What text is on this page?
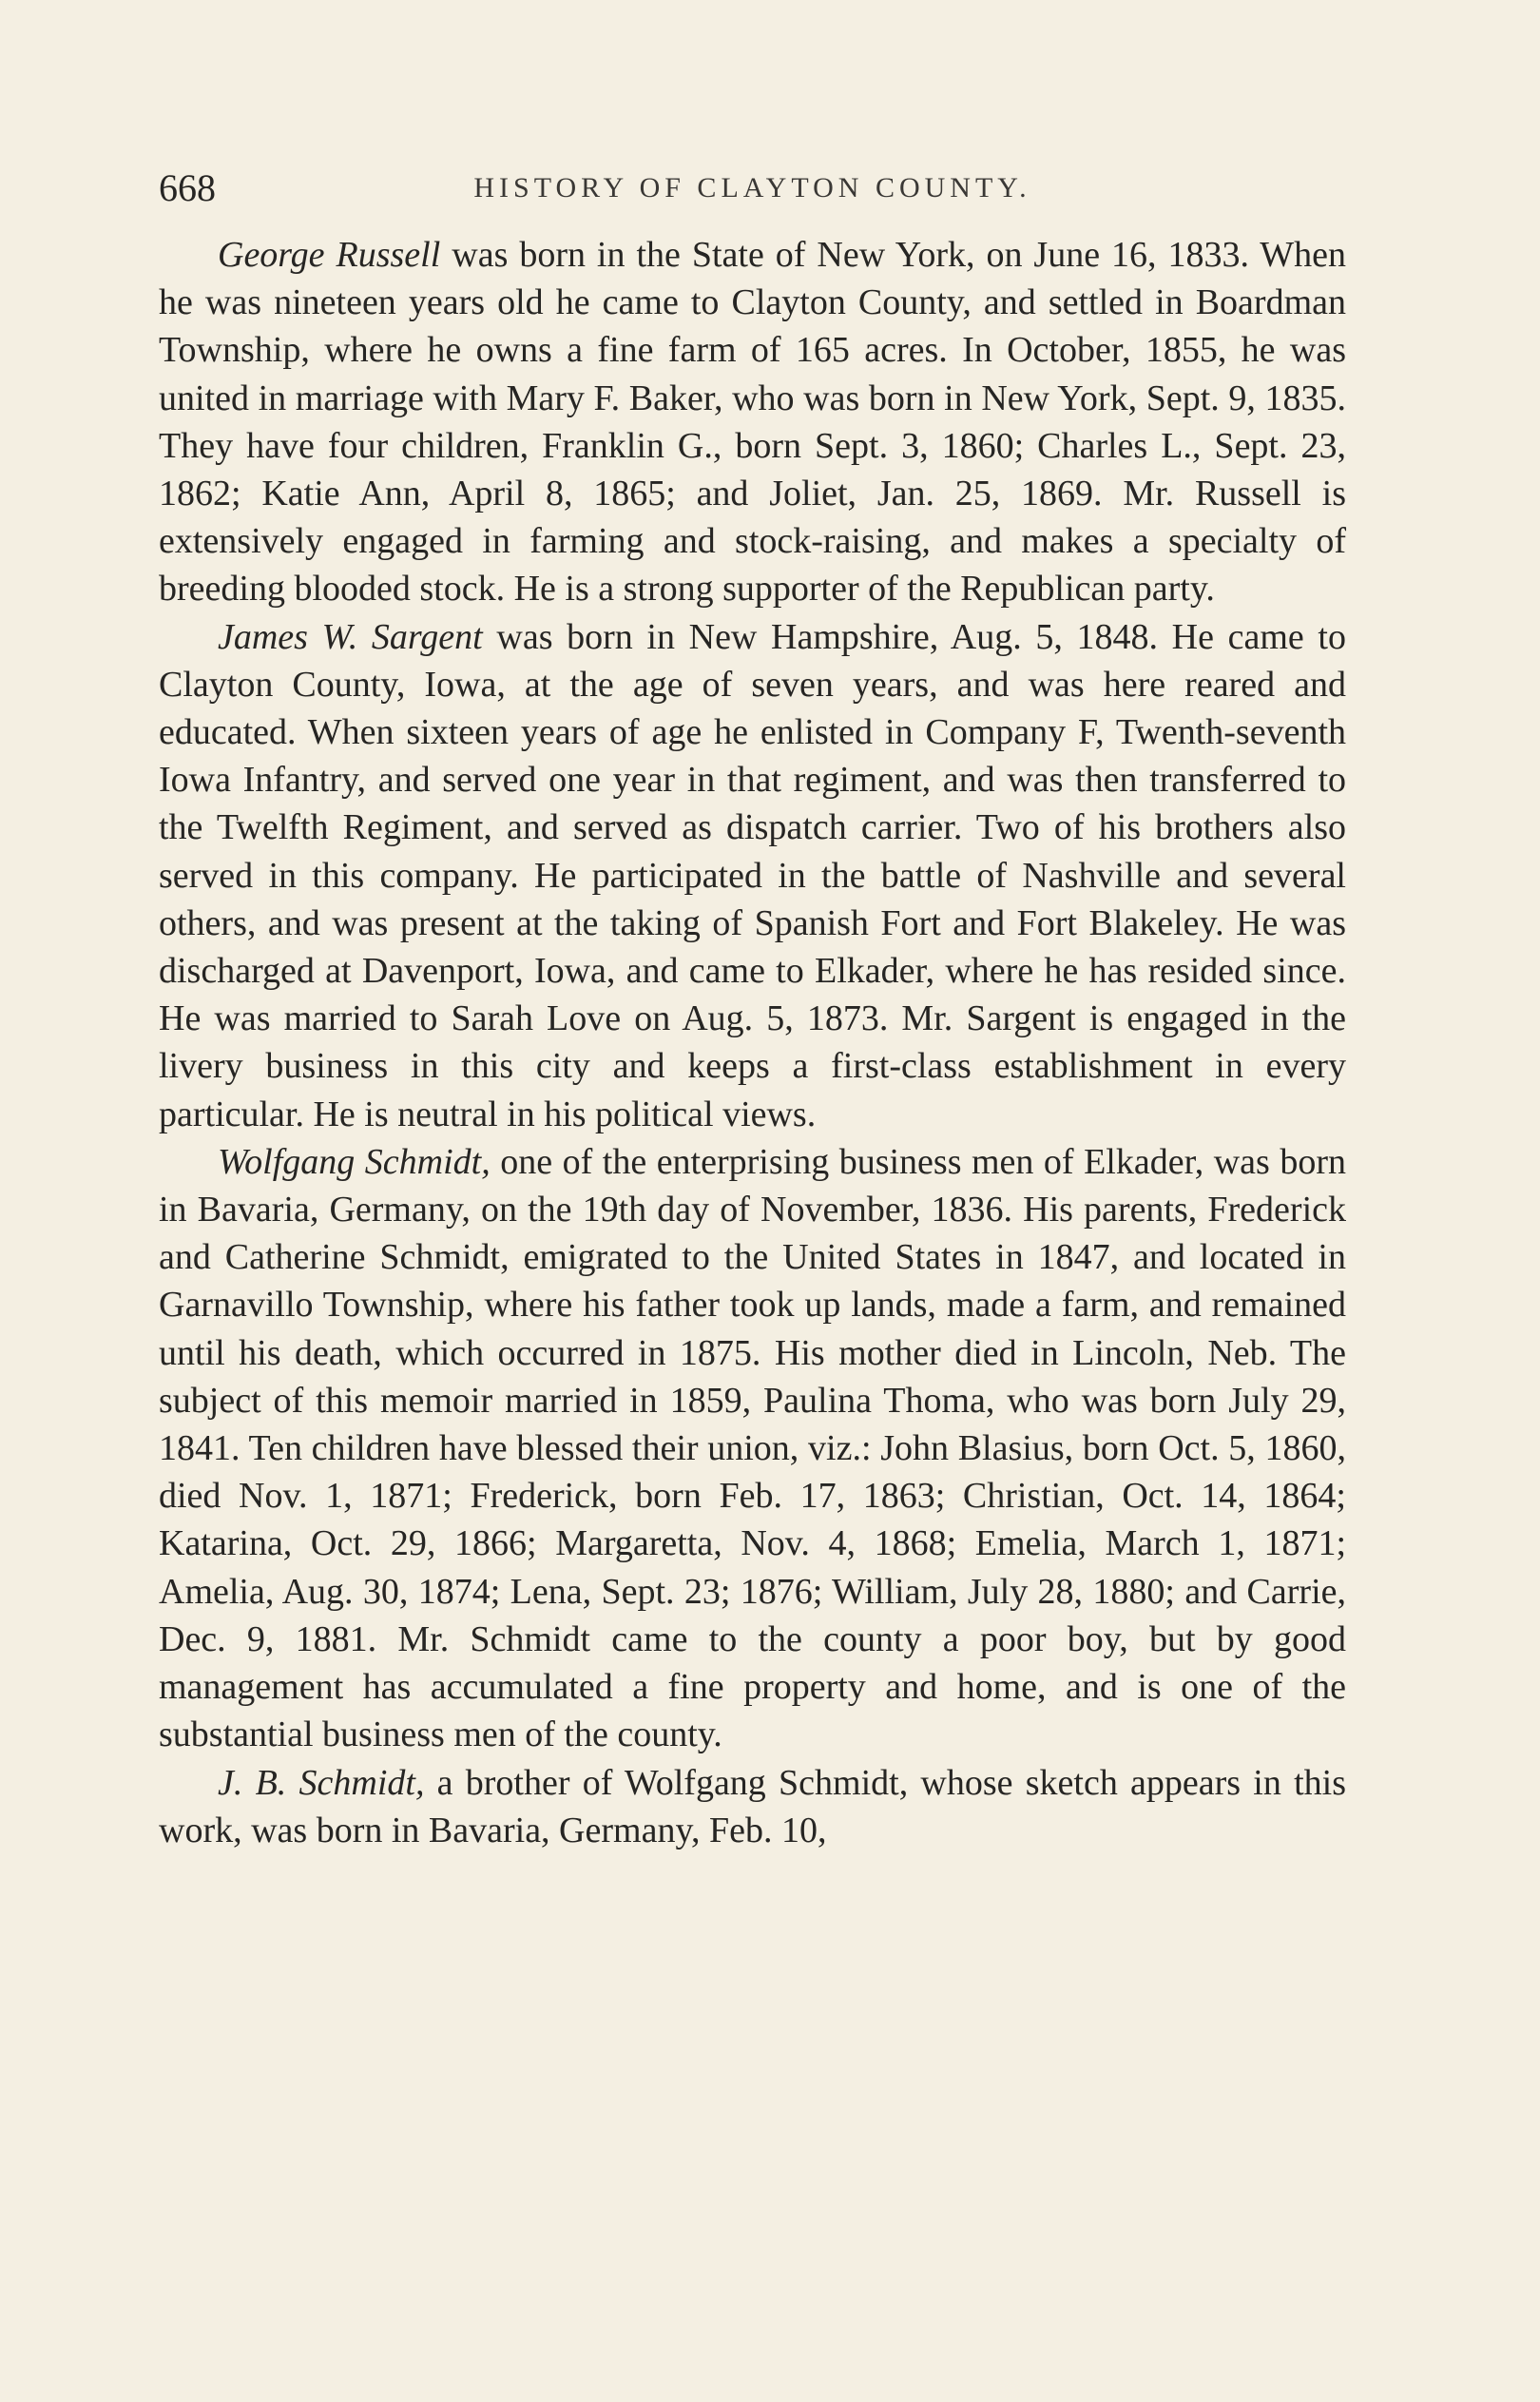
668	HISTORY OF CLAYTON COUNTY.

George Russell was born in the State of New York, on June 16, 1833. When he was nineteen years old he came to Clayton County, and settled in Boardman Township, where he owns a fine farm of 165 acres. In October, 1855, he was united in marriage with Mary F. Baker, who was born in New York, Sept. 9, 1835. They have four children, Franklin G., born Sept. 3, 1860; Charles L., Sept. 23, 1862; Katie Ann, April 8, 1865; and Joliet, Jan. 25, 1869. Mr. Russell is extensively engaged in farming and stock-raising, and makes a specialty of breeding blooded stock. He is a strong supporter of the Republican party.

James W. Sargent was born in New Hampshire, Aug. 5, 1848. He came to Clayton County, Iowa, at the age of seven years, and was here reared and educated. When sixteen years of age he enlisted in Company F, Twenth-seventh Iowa Infantry, and served one year in that regiment, and was then transferred to the Twelfth Regiment, and served as dispatch carrier. Two of his brothers also served in this company. He participated in the battle of Nashville and several others, and was present at the taking of Spanish Fort and Fort Blakeley. He was discharged at Davenport, Iowa, and came to Elkader, where he has resided since. He was married to Sarah Love on Aug. 5, 1873. Mr. Sargent is engaged in the livery business in this city and keeps a first-class establishment in every particular. He is neutral in his political views.

Wolfgang Schmidt, one of the enterprising business men of Elkader, was born in Bavaria, Germany, on the 19th day of November, 1836. His parents, Frederick and Catherine Schmidt, emigrated to the United States in 1847, and located in Garnavillo Township, where his father took up lands, made a farm, and remained until his death, which occurred in 1875. His mother died in Lincoln, Neb. The subject of this memoir married in 1859, Paulina Thoma, who was born July 29, 1841. Ten children have blessed their union, viz.: John Blasius, born Oct. 5, 1860, died Nov. 1, 1871; Frederick, born Feb. 17, 1863; Christian, Oct. 14, 1864; Katarina, Oct. 29, 1866; Margaretta, Nov. 4, 1868; Emelia, March 1, 1871; Amelia, Aug. 30, 1874; Lena, Sept. 23; 1876; William, July 28, 1880; and Carrie, Dec. 9, 1881. Mr. Schmidt came to the county a poor boy, but by good management has accumulated a fine property and home, and is one of the substantial business men of the county.

J. B. Schmidt, a brother of Wolfgang Schmidt, whose sketch appears in this work, was born in Bavaria, Germany, Feb. 10,
